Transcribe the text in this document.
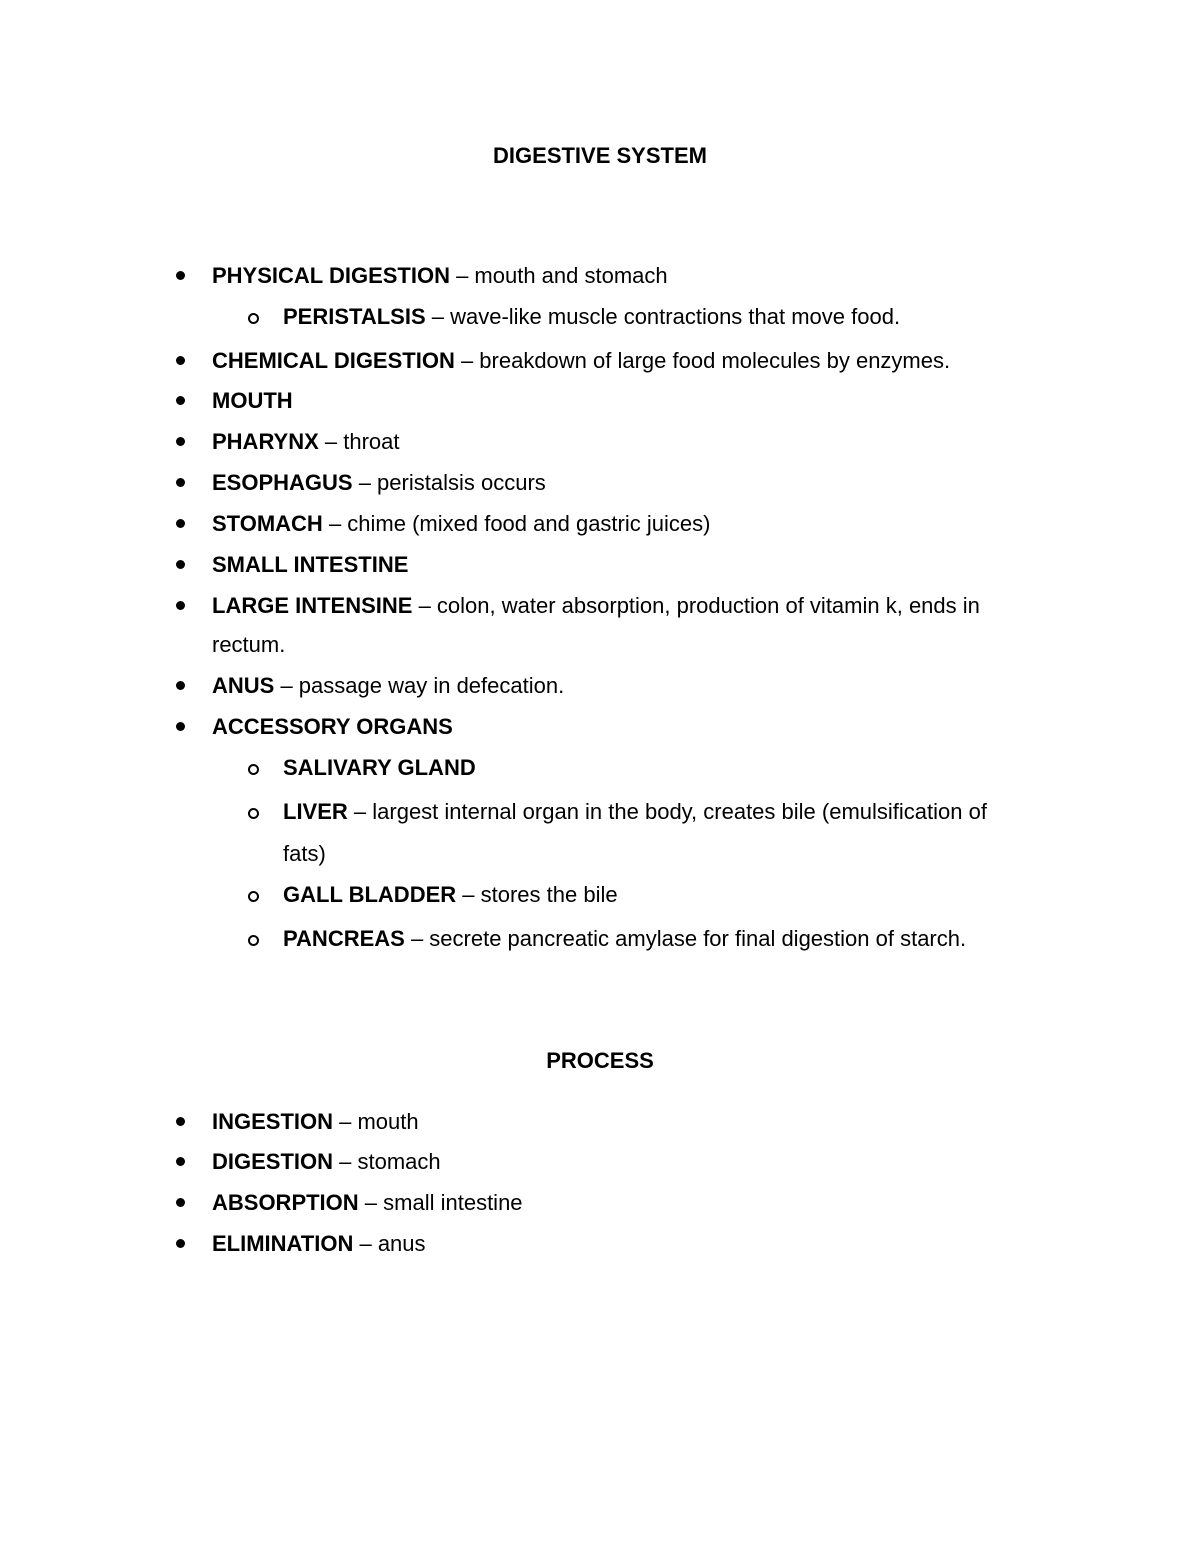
DIGESTIVE SYSTEM
PHYSICAL DIGESTION – mouth and stomach
PERISTALSIS – wave-like muscle contractions that move food.
CHEMICAL DIGESTION – breakdown of large food molecules by enzymes.
MOUTH
PHARYNX – throat
ESOPHAGUS – peristalsis occurs
STOMACH – chime (mixed food and gastric juices)
SMALL INTESTINE
LARGE INTENSINE – colon, water absorption, production of vitamin k, ends in
rectum.
ANUS – passage way in defecation.
ACCESSORY ORGANS
SALIVARY GLAND
LIVER – largest internal organ in the body, creates bile (emulsification of
fats)
GALL BLADDER – stores the bile
PANCREAS – secrete pancreatic amylase for final digestion of starch.
PROCESS
INGESTION – mouth
DIGESTION – stomach
ABSORPTION – small intestine
ELIMINATION – anus
